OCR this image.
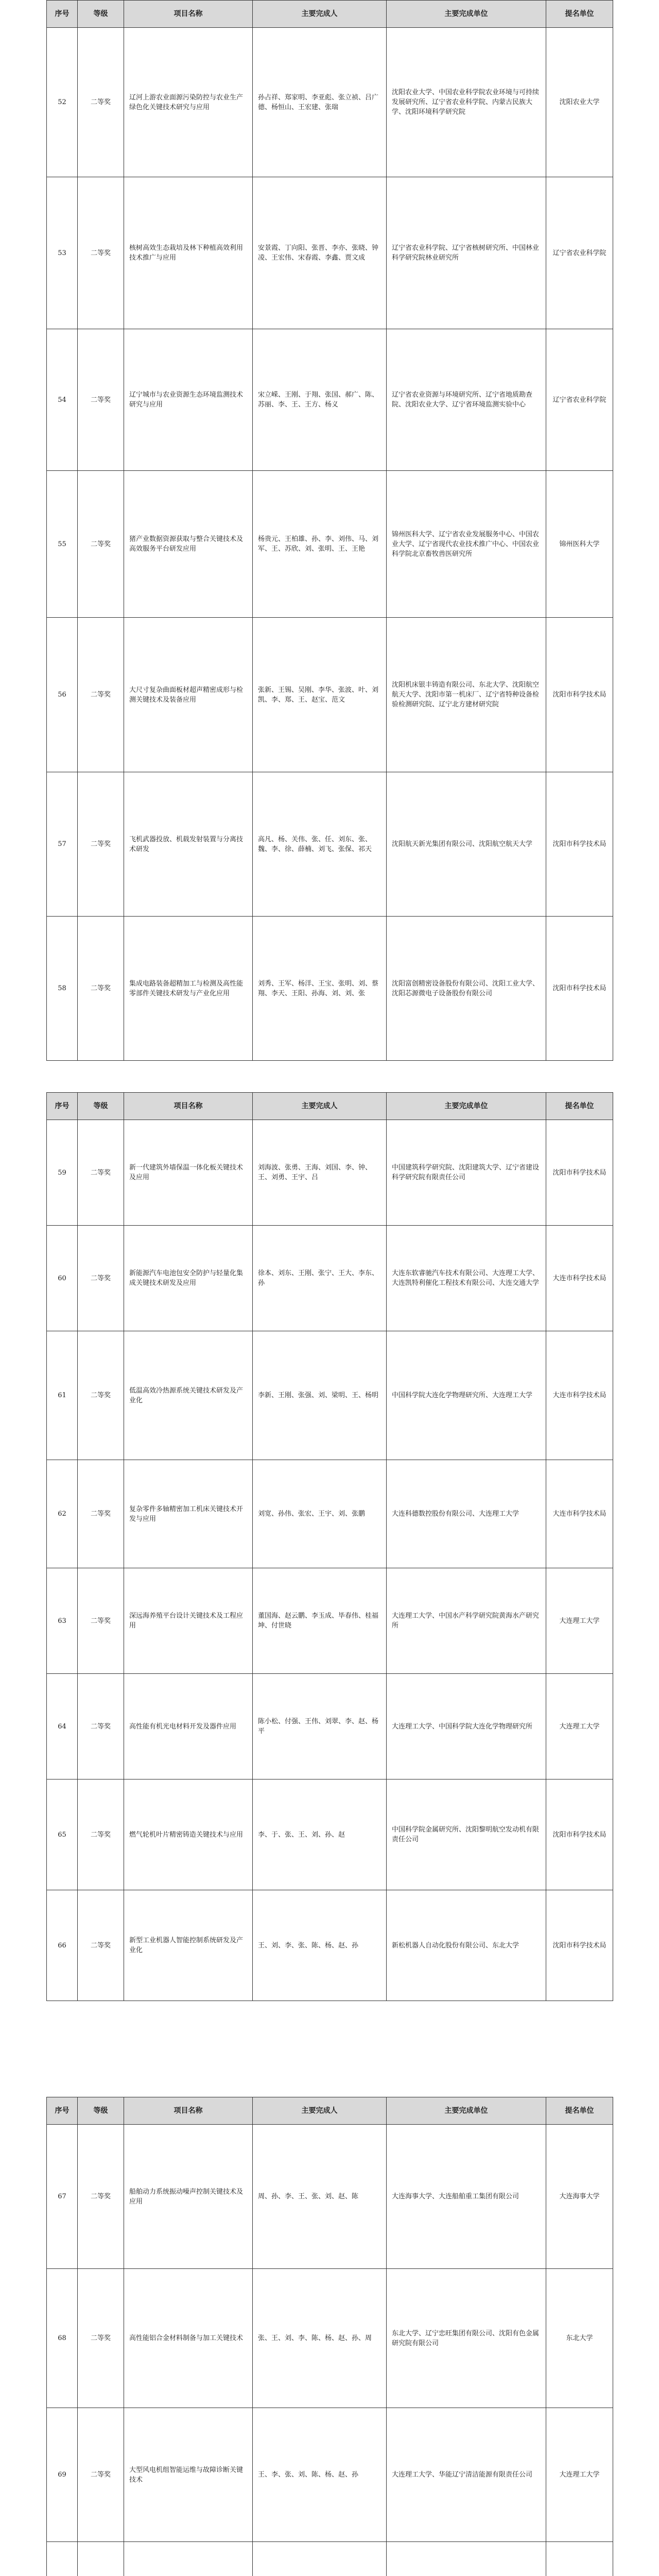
序号	等级	项目名称	主要完成人	主要完成单位	提名单位
52	二等奖	辽河上游农业面源污染防控与农业生产绿色化关键技术研究与应用	孙占祥、郑家明、李亚彪、张立祯、吕广德、杨恒山、王宏建、张瑞	沈阳农业大学、中国农业科学院农业环境与可持续发展研究所、辽宁省农业科学院、内蒙古民族大学、沈阳环境科学研究院	沈阳农业大学
53	二等奖	核树高效生态栽培及林下种植高效利用技术推广与应用	安景霞、丁向阳、张晋、李亦、张晓、钟凌、王宏伟、宋春霞、李鑫、贾文成	辽宁省农业科学院、辽宁省核树研究所、中国林业科学研究院林业研究所	辽宁省农业科学院
54	二等奖	辽宁城市与农业资源生态环境监测技术研究与应用	宋立嵘、王刚、于翔、张国、郝广、陈、苏丽、李、王、王方、杨义	辽宁省农业资源与环境研究所、辽宁省地质勘查院、沈阳农业大学、辽宁省环境监测实验中心	辽宁省农业科学院
55	二等奖	猪产业数据资源获取与整合关键技术及高效服务平台研发应用	杨贵元、王柏雄、孙、李、刘伟、马、刘军、王、苏欣、刘、张明、王、王艳	锦州医科大学、辽宁省农业发展服务中心、中国农业大学、辽宁省现代农业技术推广中心、中国农业科学院北京畜牧兽医研究所	锦州医科大学
56	二等奖	大尺寸复杂曲面板材超声精密成形与检测关键技术及装备应用	张新、王锡、吴刚、李华、张波、叶、刘凯、李、郑、王、赵宝、范文	沈阳机床银丰铸造有限公司、东北大学、沈阳航空航天大学、沈阳市第一机床厂、辽宁省特种设备检验检测研究院、辽宁北方建材研究院	沈阳市科学技术局
57	二等奖	飞机武器投放、机载发射装置与分离技术研发	高凡、杨、关伟、张、任、刘东、张、魏、李、徐、薛楠、刘飞、张保、祁天	沈阳航天新光集团有限公司、沈阳航空航天大学	沈阳市科学技术局
58	二等奖	集成电路装备超精加工与检测及高性能零部件关键技术研发与产业化应用	刘秀、王军、杨洋、王宝、张明、刘、蔡翔、李天、王阳、孙海、刘、刘、张	沈阳富创精密设备股份有限公司、沈阳工业大学、沈阳芯源微电子设备股份有限公司	沈阳市科学技术局
序号	等级	项目名称	主要完成人	主要完成单位	提名单位
59	二等奖	新一代建筑外墙保温一体化板关键技术及应用	刘海波、张勇、王海、刘国、李、钟、王、刘勇、王宇、吕	中国建筑科学研究院、沈阳建筑大学、辽宁省建设科学研究院有限责任公司	沈阳市科学技术局
60	二等奖	新能源汽车电池包安全防护与轻量化集成关键技术研发及应用	徐本、刘东、王刚、张宁、王大、李东、孙	大连东软睿驰汽车技术有限公司、大连理工大学、大连凯特利催化工程技术有限公司、大连交通大学	大连市科学技术局
61	二等奖	低温高效冷热源系统关键技术研发及产业化	李新、王刚、张强、刘、梁明、王、杨明	中国科学院大连化学物理研究所、大连理工大学	大连市科学技术局
62	二等奖	复杂零件多轴精密加工机床关键技术开发与应用	刘宽、孙伟、张宏、王宇、刘、张鹏	大连科德数控股份有限公司、大连理工大学	大连市科学技术局
63	二等奖	深远海养殖平台设计关键技术及工程应用	董国海、赵云鹏、李玉成、毕春伟、桂福坤、付世晓	大连理工大学、中国水产科学研究院黄海水产研究所	大连理工大学
64	二等奖	高性能有机光电材料开发及器件应用	陈小松、付强、王伟、刘翠、李、赵、杨平	大连理工大学、中国科学院大连化学物理研究所	大连理工大学
65	二等奖	燃气轮机叶片精密铸造关键技术与应用	李、于、张、王、刘、孙、赵	中国科学院金属研究所、沈阳黎明航空发动机有限责任公司	沈阳市科学技术局
66	二等奖	新型工业机器人智能控制系统研发及产业化	王、刘、李、张、陈、杨、赵、孙	新松机器人自动化股份有限公司、东北大学	沈阳市科学技术局
序号	等级	项目名称	主要完成人	主要完成单位	提名单位
67	二等奖	船舶动力系统振动噪声控制关键技术及应用	周、孙、李、王、张、刘、赵、陈	大连海事大学、大连船舶重工集团有限公司	大连海事大学
68	二等奖	高性能铝合金材料制备与加工关键技术	张、王、刘、李、陈、杨、赵、孙、周	东北大学、辽宁忠旺集团有限公司、沈阳有色金属研究院有限公司	东北大学
69	二等奖	大型风电机组智能运维与故障诊断关键技术	王、李、张、刘、陈、杨、赵、孙	大连理工大学、华能辽宁清洁能源有限责任公司	大连理工大学
